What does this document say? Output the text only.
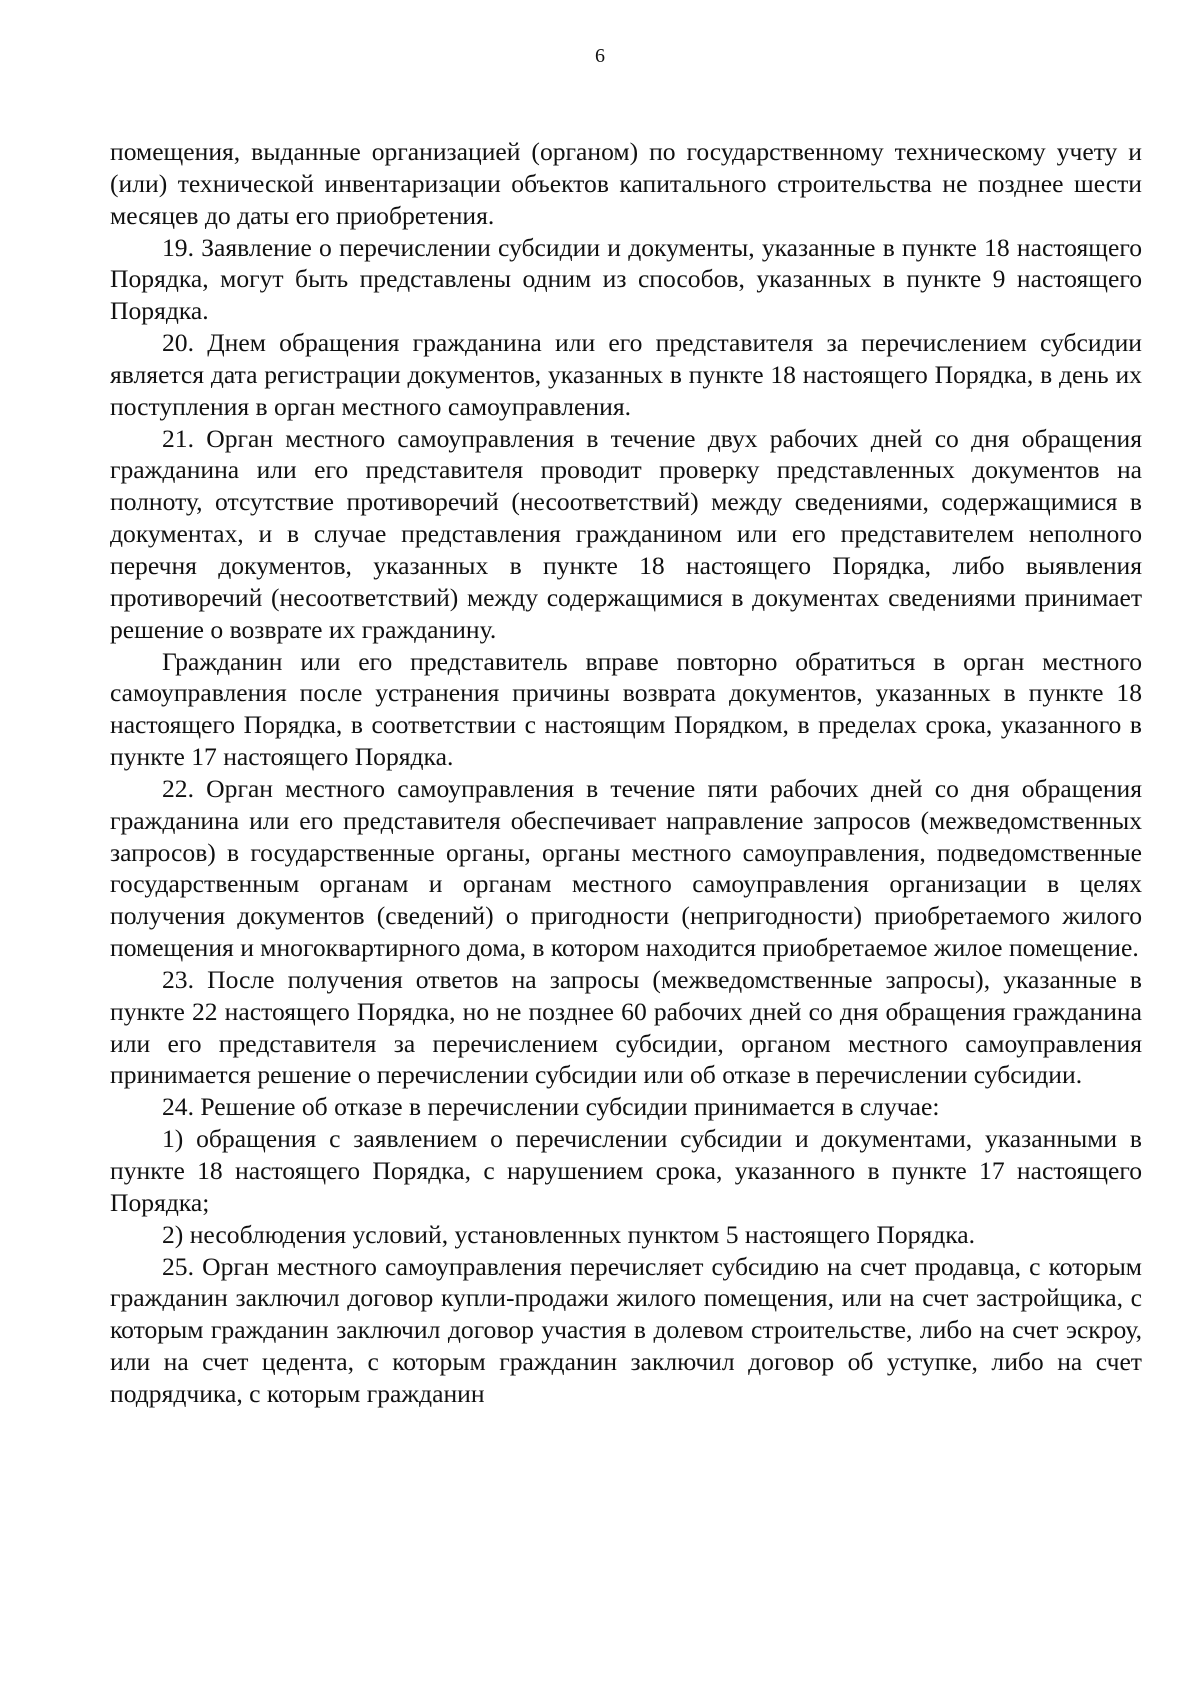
6

помещения, выданные организацией (органом) по государственному техническому учету и (или) технической инвентаризации объектов капитального строительства не позднее шести месяцев до даты его приобретения.

19. Заявление о перечислении субсидии и документы, указанные в пункте 18 настоящего Порядка, могут быть представлены одним из способов, указанных в пункте 9 настоящего Порядка.

20. Днем обращения гражданина или его представителя за перечислением субсидии является дата регистрации документов, указанных в пункте 18 настоящего Порядка, в день их поступления в орган местного самоуправления.

21. Орган местного самоуправления в течение двух рабочих дней со дня обращения гражданина или его представителя проводит проверку представленных документов на полноту, отсутствие противоречий (несоответствий) между сведениями, содержащимися в документах, и в случае представления гражданином или его представителем неполного перечня документов, указанных в пункте 18 настоящего Порядка, либо выявления противоречий (несоответствий) между содержащимися в документах сведениями принимает решение о возврате их гражданину.

Гражданин или его представитель вправе повторно обратиться в орган местного самоуправления после устранения причины возврата документов, указанных в пункте 18 настоящего Порядка, в соответствии с настоящим Порядком, в пределах срока, указанного в пункте 17 настоящего Порядка.

22. Орган местного самоуправления в течение пяти рабочих дней со дня обращения гражданина или его представителя обеспечивает направление запросов (межведомственных запросов) в государственные органы, органы местного самоуправления, подведомственные государственным органам и органам местного самоуправления организации в целях получения документов (сведений) о пригодности (непригодности) приобретаемого жилого помещения и многоквартирного дома, в котором находится приобретаемое жилое помещение.

23. После получения ответов на запросы (межведомственные запросы), указанные в пункте 22 настоящего Порядка, но не позднее 60 рабочих дней со дня обращения гражданина или его представителя за перечислением субсидии, органом местного самоуправления принимается решение о перечислении субсидии или об отказе в перечислении субсидии.

24. Решение об отказе в перечислении субсидии принимается в случае:

1) обращения с заявлением о перечислении субсидии и документами, указанными в пункте 18 настоящего Порядка, с нарушением срока, указанного в пункте 17 настоящего Порядка;

2) несоблюдения условий, установленных пунктом 5 настоящего Порядка.

25. Орган местного самоуправления перечисляет субсидию на счет продавца, с которым гражданин заключил договор купли-продажи жилого помещения, или на счет застройщика, с которым гражданин заключил договор участия в долевом строительстве, либо на счет эскроу, или на счет цедента, с которым гражданин заключил договор об уступке, либо на счет подрядчика, с которым гражданин
